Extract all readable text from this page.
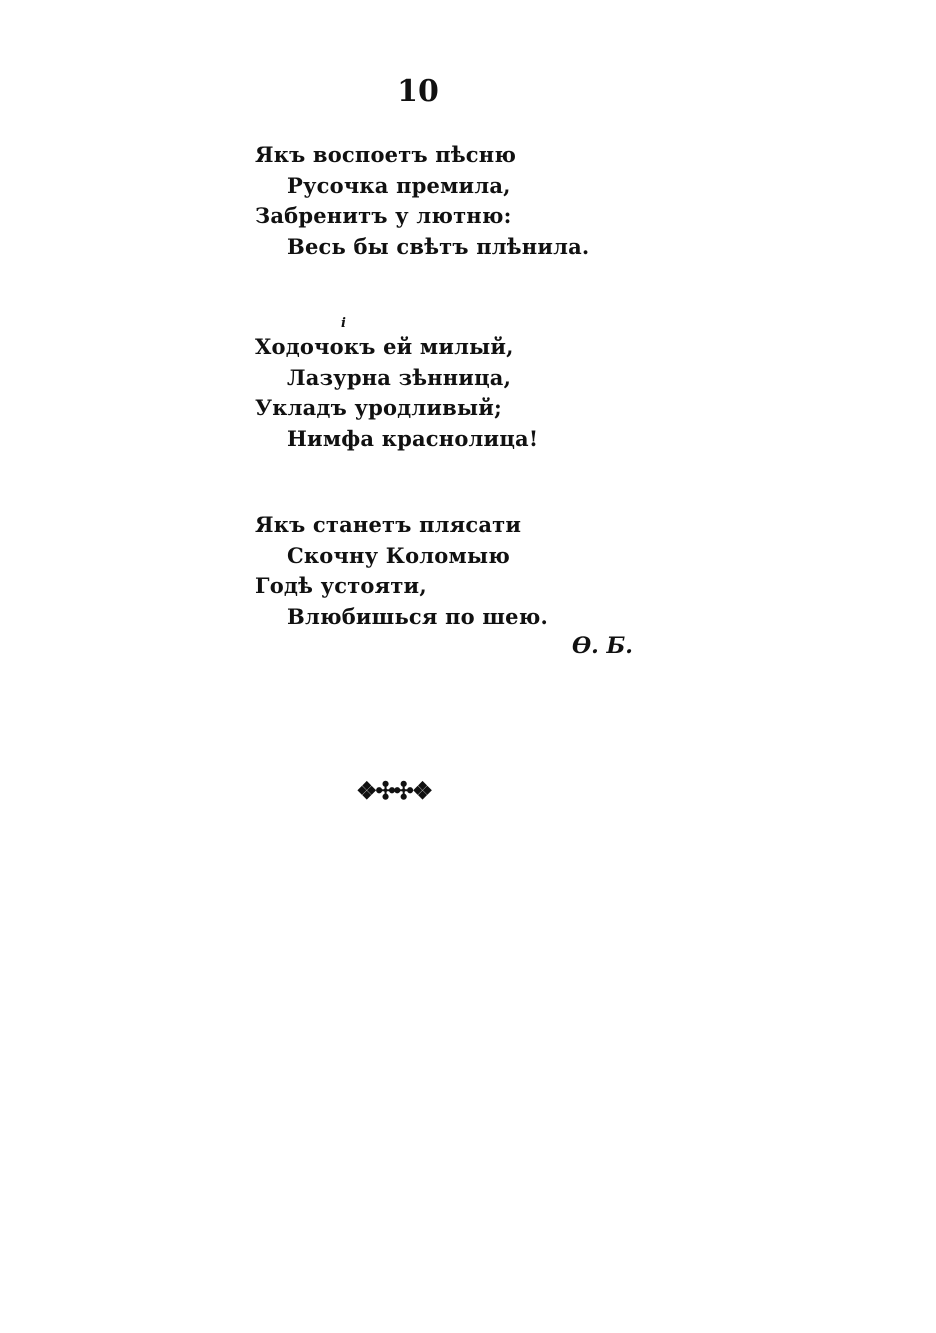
10
Якъ воспоетъ пѣсню
Русочка премила,
Забренитъ у лютню:
Весь бы свѣтъ плѣнила.
i
Ходочокъ ей милый,
Лазурна зѣнница,
Укладъ уродливый;
Нимфа краснолица!
Якъ станетъ плясати
Скочну Коломыю
Годѣ устояти,
Влюбишься по шею.
Ѳ. Б.
❖✣✣❖
